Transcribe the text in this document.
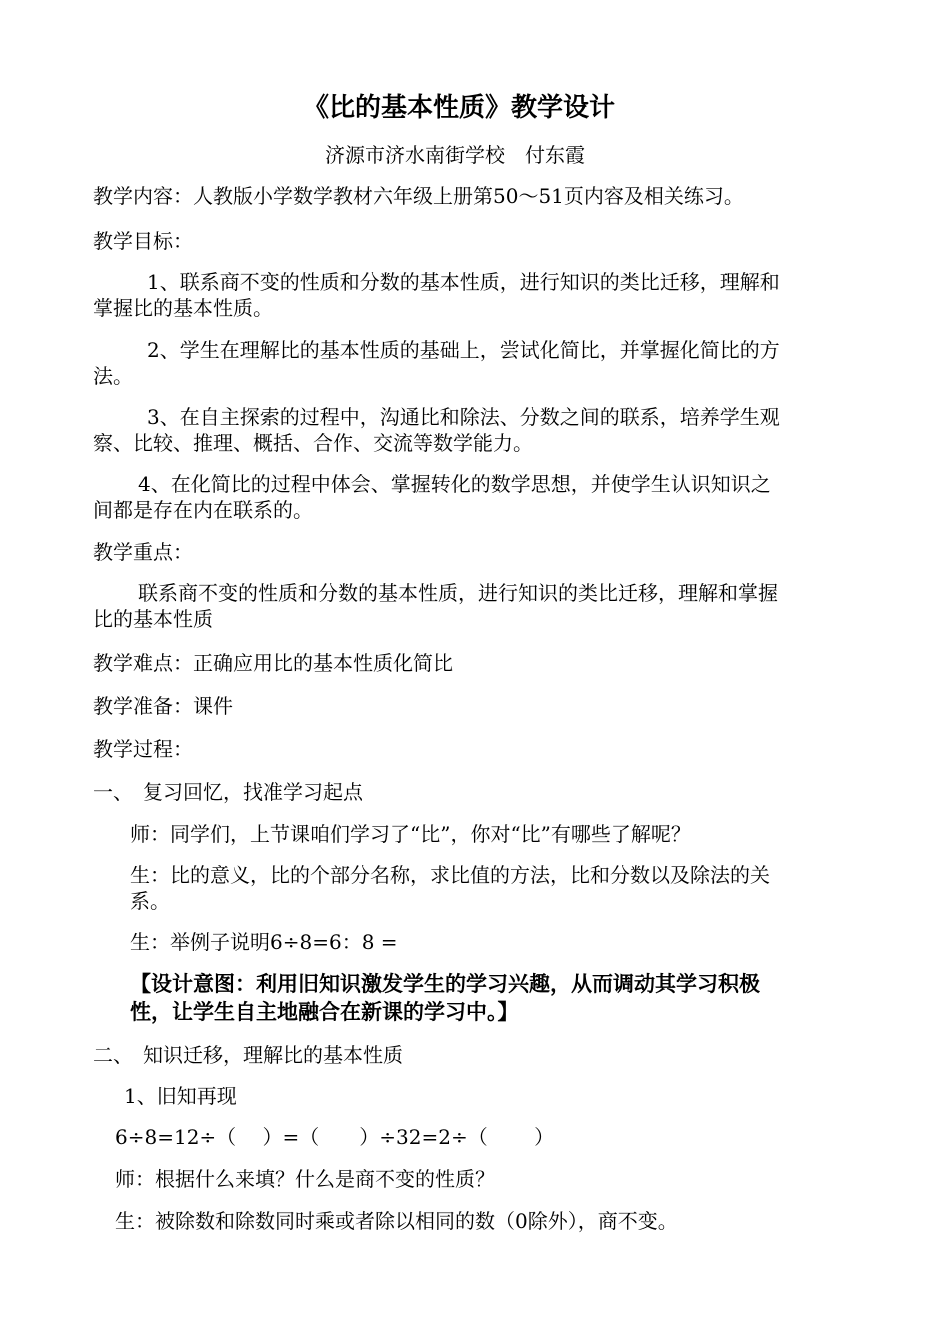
《比的基本性质》教学设计
济源市济水南街学校　付东霞
教学内容：人教版小学数学教材六年级上册第50～51页内容及相关练习。
教学目标：
1、联系商不变的性质和分数的基本性质，进行知识的类比迁移，理解和
掌握比的基本性质。
2、学生在理解比的基本性质的基础上，尝试化简比，并掌握化简比的方
法。
3、在自主探索的过程中，沟通比和除法、分数之间的联系，培养学生观
察、比较、推理、概括、合作、交流等数学能力。
4、在化简比的过程中体会、掌握转化的数学思想，并使学生认识知识之
间都是存在内在联系的。
教学重点：
联系商不变的性质和分数的基本性质，进行知识的类比迁移，理解和掌握
比的基本性质
教学难点：正确应用比的基本性质化简比
教学准备：课件
教学过程：
一、　复习回忆，找准学习起点
师：同学们，上节课咱们学习了“比”，你对“比”有哪些了解呢？
生：比的意义，比的个部分名称，求比值的方法，比和分数以及除法的关
系。
生：举例子说明6÷8=6：8 =
【设计意图：利用旧知识激发学生的学习兴趣，从而调动其学习积极
性，让学生自主地融合在新课的学习中。】
二、　知识迁移，理解比的基本性质
1、旧知再现
6÷8=12÷（　 ）=（　　）÷32=2÷（　　 ）
师：根据什么来填？什么是商不变的性质？
生：被除数和除数同时乘或者除以相同的数（0除外），商不变。
